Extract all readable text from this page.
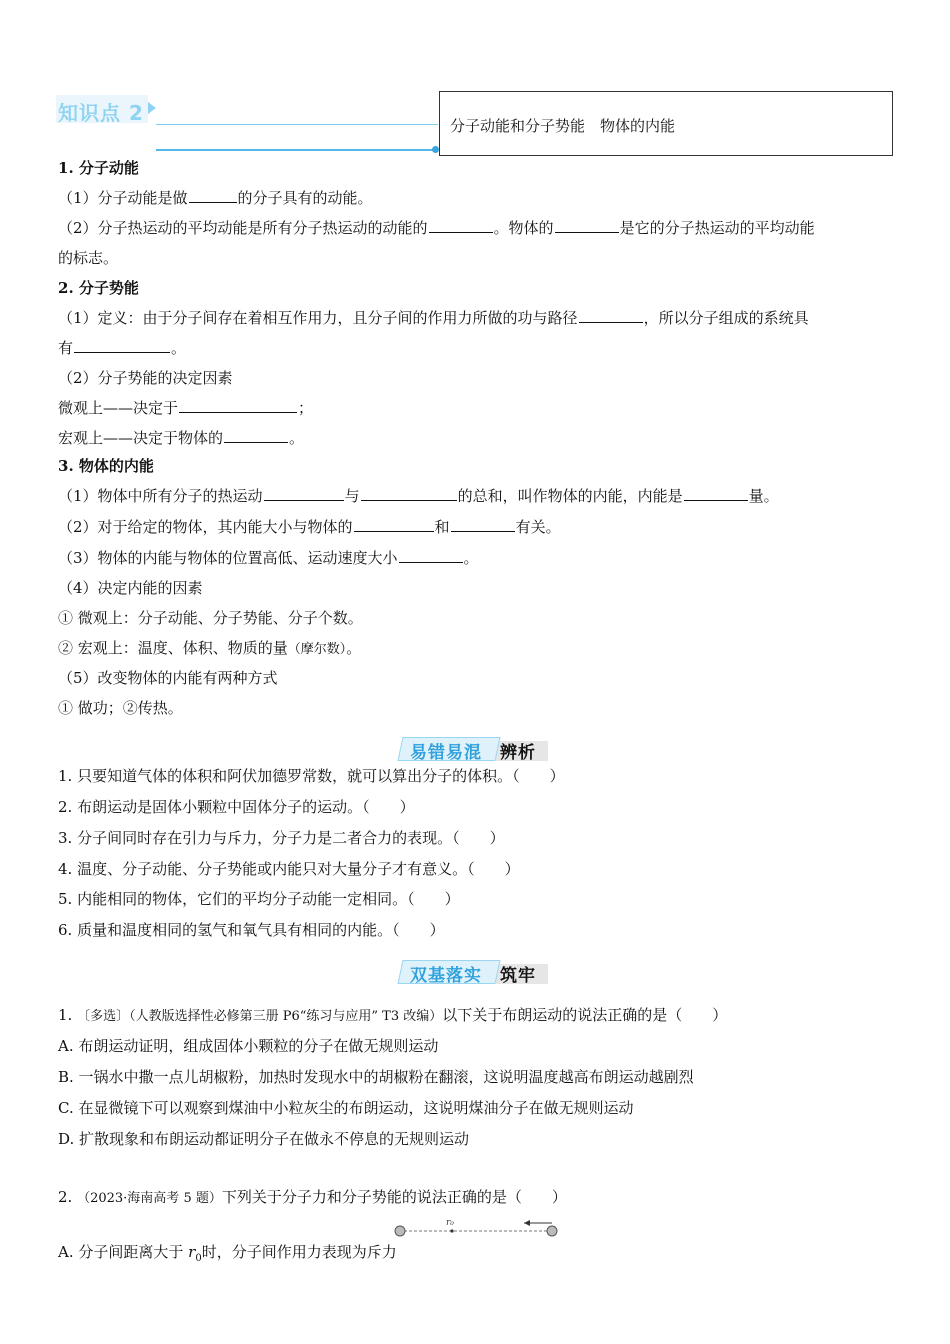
知识点 2
分子动能和分子势能　物体的内能
1. 分子动能
（1）分子动能是做	的分子具有的动能。
（2）分子热运动的平均动能是所有分子热运动的动能的	。物体的	是它的分子热运动的平均动能
的标志。
2. 分子势能
（1）定义：由于分子间存在着相互作用力，且分子间的作用力所做的功与路径	，所以分子组成的系统具
有	。
（2）分子势能的决定因素
微观上——决定于	；
宏观上——决定于物体的	。
3. 物体的内能
（1）物体中所有分子的热运动	与	的总和，叫作物体的内能，内能是	量。
（2）对于给定的物体，其内能大小与物体的	和	有关。
（3）物体的内能与物体的位置高低、运动速度大小	。
（4）决定内能的因素
① 微观上：分子动能、分子势能、分子个数。
② 宏观上：温度、体积、物质的量（摩尔数）。
（5）改变物体的内能有两种方式
① 做功；②传热。
易错易混 辨析
1. 只要知道气体的体积和阿伏加德罗常数，就可以算出分子的体积。（　　）
2. 布朗运动是固体小颗粒中固体分子的运动。（　　）
3. 分子间同时存在引力与斥力，分子力是二者合力的表现。（　　）
4. 温度、分子动能、分子势能或内能只对大量分子才有意义。（　　）
5. 内能相同的物体，它们的平均分子动能一定相同。（　　）
6. 质量和温度相同的氢气和氧气具有相同的内能。（　　）
双基落实 筑牢
1. 〔多选〕（人教版选择性必修第三册 P6“练习与应用” T3 改编）以下关于布朗运动的说法正确的是（　　）
A. 布朗运动证明，组成固体小颗粒的分子在做无规则运动
B. 一锅水中撒一点儿胡椒粉，加热时发现水中的胡椒粉在翻滚，这说明温度越高布朗运动越剧烈
C. 在显微镜下可以观察到煤油中小粒灰尘的布朗运动，这说明煤油分子在做无规则运动
D. 扩散现象和布朗运动都证明分子在做永不停息的无规则运动
2. （2023·海南高考 5 题）下列关于分子力和分子势能的说法正确的是（　　）
r₀
A. 分子间距离大于 $r_0$时，分子间作用力表现为斥力
